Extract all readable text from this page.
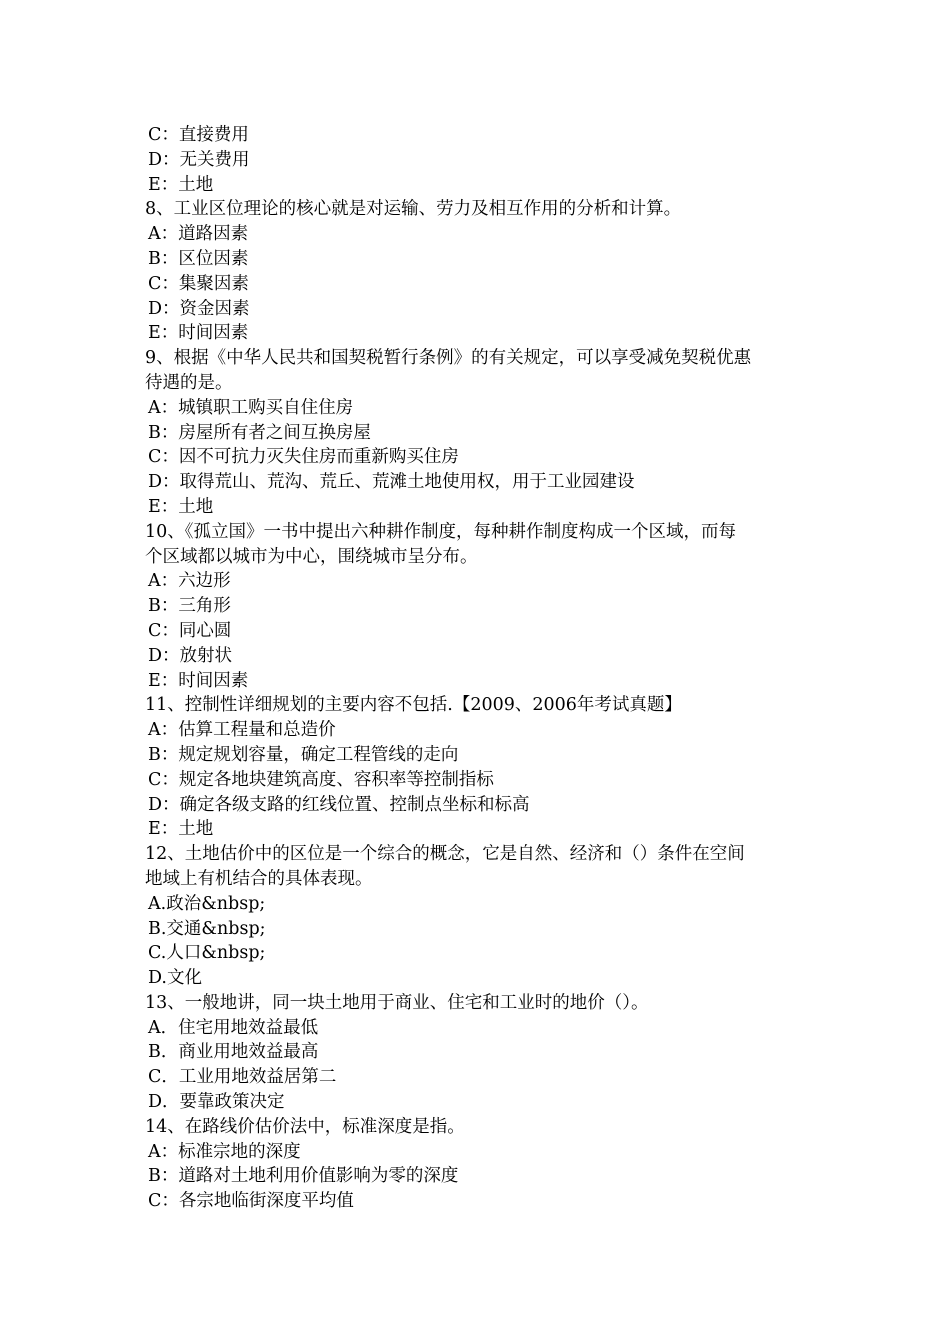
C：直接费用
D：无关费用
E：土地
8、工业区位理论的核心就是对运输、劳力及相互作用的分析和计算。
A：道路因素
B：区位因素
C：集聚因素
D：资金因素
E：时间因素
9、根据《中华人民共和国契税暂行条例》的有关规定，可以享受减免契税优惠
待遇的是。
A：城镇职工购买自住住房
B：房屋所有者之间互换房屋
C：因不可抗力灭失住房而重新购买住房
D：取得荒山、荒沟、荒丘、荒滩土地使用权，用于工业园建设
E：土地
10、《孤立国》一书中提出六种耕作制度，每种耕作制度构成一个区域，而每
个区域都以城市为中心，围绕城市呈分布。
A：六边形
B：三角形
C：同心圆
D：放射状
E：时间因素
11、控制性详细规划的主要内容不包括.【2009、2006年考试真题】
A：估算工程量和总造价
B：规定规划容量，确定工程管线的走向
C：规定各地块建筑高度、容积率等控制指标
D：确定各级支路的红线位置、控制点坐标和标高
E：土地
12、土地估价中的区位是一个综合的概念，它是自然、经济和（）条件在空间
地域上有机结合的具体表现。
A.政治&nbsp;
B.交通&nbsp;
C.人口&nbsp;
D.文化
13、一般地讲，同一块土地用于商业、住宅和工业时的地价（）。
A．住宅用地效益最低
B．商业用地效益最高
C．工业用地效益居第二
D．要靠政策决定
14、在路线价估价法中，标准深度是指。
A：标准宗地的深度
B：道路对土地利用价值影响为零的深度
C：各宗地临街深度平均值
